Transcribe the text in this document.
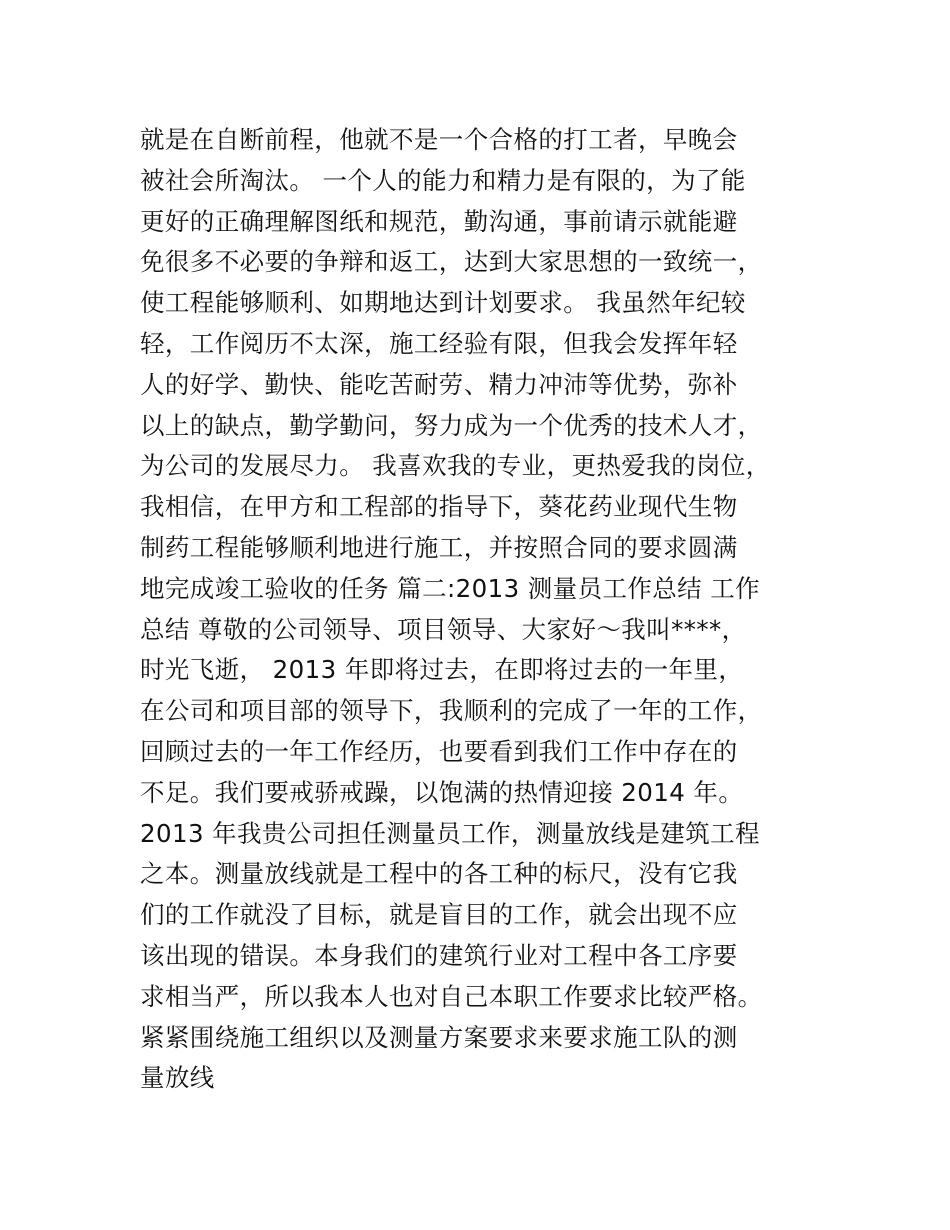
就是在自断前程，他就不是一个合格的打工者，早晚会
被社会所淘汰。 一个人的能力和精力是有限的，为了能
更好的正确理解图纸和规范，勤沟通，事前请示就能避
免很多不必要的争辩和返工，达到大家思想的一致统一，
使工程能够顺利、如期地达到计划要求。 我虽然年纪较
轻，工作阅历不太深，施工经验有限，但我会发挥年轻
人的好学、勤快、能吃苦耐劳、精力冲沛等优势，弥补
以上的缺点，勤学勤问，努力成为一个优秀的技术人才，
为公司的发展尽力。 我喜欢我的专业，更热爱我的岗位，
我相信，在甲方和工程部的指导下，葵花药业现代生物
制药工程能够顺利地进行施工，并按照合同的要求圆满
地完成竣工验收的任务 篇二:2013 测量员工作总结 工作
总结 尊敬的公司领导、项目领导、大家好～我叫****，
时光飞逝， 2013 年即将过去，在即将过去的一年里，
在公司和项目部的领导下，我顺利的完成了一年的工作，
回顾过去的一年工作经历，也要看到我们工作中存在的
不足。我们要戒骄戒躁，以饱满的热情迎接 2014 年。
2013 年我贵公司担任测量员工作，测量放线是建筑工程
之本。测量放线就是工程中的各工种的标尺，没有它我
们的工作就没了目标，就是盲目的工作，就会出现不应
该出现的错误。本身我们的建筑行业对工程中各工序要
求相当严，所以我本人也对自己本职工作要求比较严格。
紧紧围绕施工组织以及测量方案要求来要求施工队的测
量放线
